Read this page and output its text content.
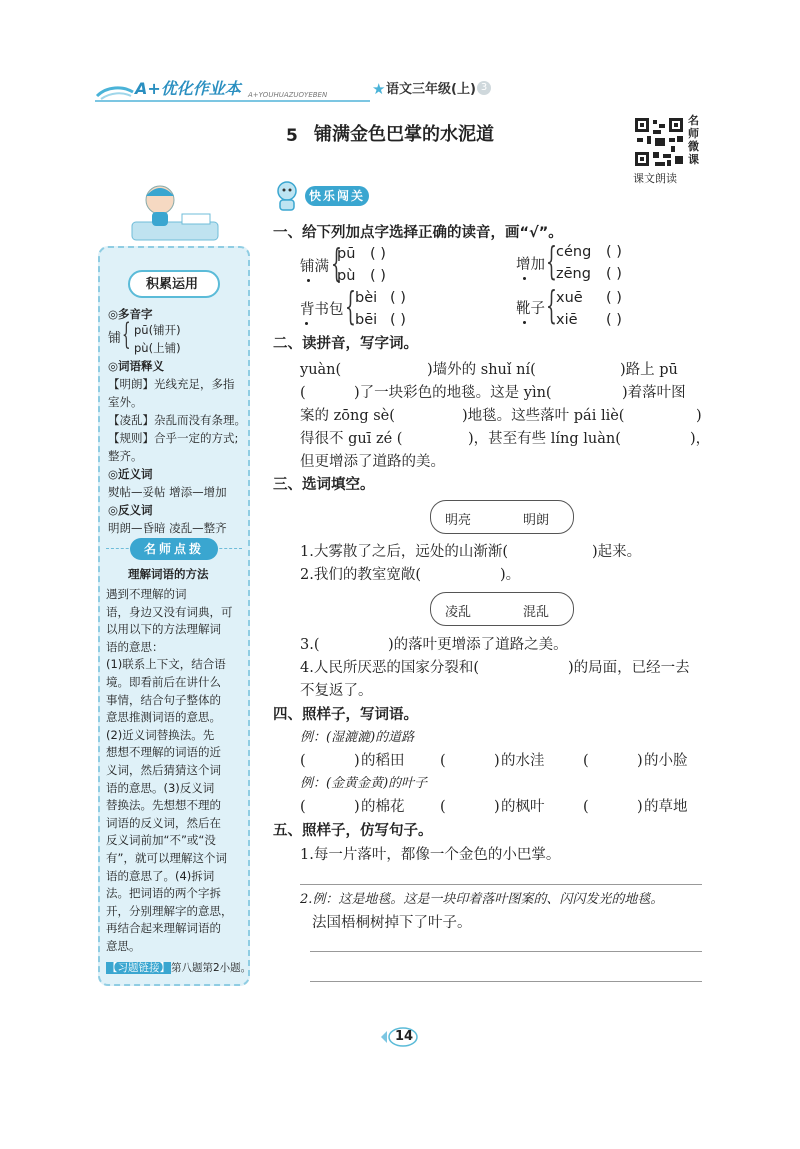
A+优化作业本 A+YOUHUAZUOYEBEN	★ 语文三年级(上) 3
名师微课
课文朗读
5 铺满金色巴掌的水泥道
快乐闯关
积累运用
◎多音字
铺 { pū(铺开)
pù(上铺)
◎词语释义
【明朗】光线充足，多指
室外。
【凌乱】杂乱而没有条理。
【规则】合乎一定的方式;
整齐。
◎近义词
熨帖—妥帖 增添—增加
◎反义词
明朗—昏暗 凌乱—整齐
名师点拨
理解词语的方法
遇到不理解的词
语，身边又没有词典，可
以用以下的方法理解词
语的意思：
(1)联系上下文，结合语
境。即看前后在讲什么
事情，结合句子整体的
意思推测词语的意思。
(2)近义词替换法。先
想想不理解的词语的近
义词，然后猜猜这个词
语的意思。(3)反义词
替换法。先想想不理的
词语的反义词，然后在
反义词前加“不”或“没
有”，就可以理解这个词
语的意思了。(4)拆词
法。把词语的两个字拆
开，分别理解字的意思，
再结合起来理解词语的
意思。
【习题链接】第八题第2小题。
一、给下列加点字选择正确的读音，画“√”。
铺满 {
pū ( )
pù ( )
增加 { céng ( )
zēng ( )
背书包 { bèi ( )
bēi ( )
靴子 { xuē ( )
xiē ( )
二、读拼音，写字词。
yuàn(	)墙外的 shuǐ ní(	)路上 pū
(	)了一块彩色的地毯。这是 yìn(	)着落叶图
案的 zōng sè(	)地毯。这些落叶 pái liè(	)
得很不 guī zé (	)，甚至有些 líng luàn(	)，
但更增添了道路的美。
三、选词填空。
明亮	明朗
1.大雾散了之后，远处的山渐渐(	)起来。
2.我们的教室宽敞(	)。
凌乱	混乱
3.(	)的落叶更增添了道路之美。
4.人民所厌恶的国家分裂和(	)的局面，已经一去
不复返了。
四、照样子，写词语。
例：(湿漉漉)的道路
(	) 的稻田 (	) 的水洼	(	) 的小脸
例：(金黄金黄)的叶子
(	) 的棉花 (	) 的枫叶	(	) 的草地
五、照样子，仿写句子。
1.每一片落叶，都像一个金色的小巴掌。
2.例：这是地毯。这是一块印着落叶图案的、闪闪发光的地毯。
法国梧桐树掉下了叶子。
14
